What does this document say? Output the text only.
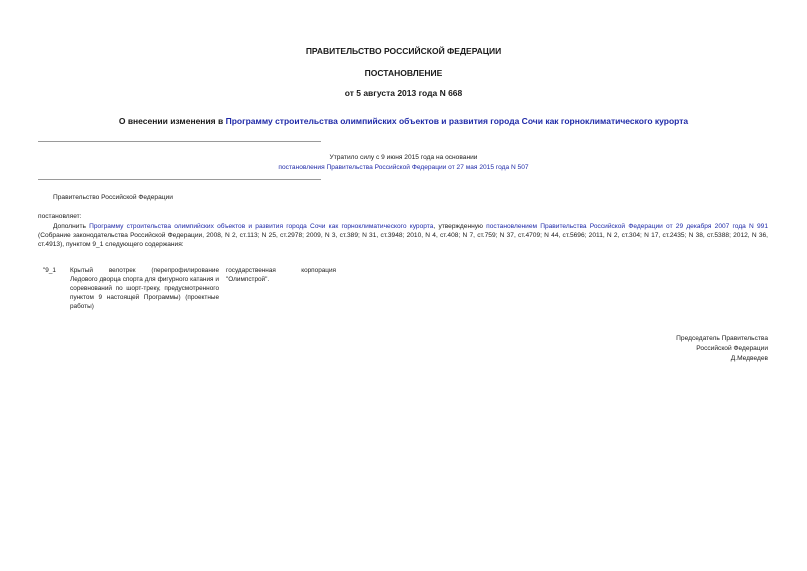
ПРАВИТЕЛЬСТВО РОССИЙСКОЙ ФЕДЕРАЦИИ
ПОСТАНОВЛЕНИЕ
от 5 августа 2013 года N 668
О внесении изменения в Программу строительства олимпийских объектов и развития города Сочи как горноклиматического курорта
Утратило силу с 9 июня 2015 года на основании
постановления Правительства Российской Федерации от 27 мая 2015 года N 507
Правительство Российской Федерации
постановляет:
Дополнить Программу строительства олимпийских объектов и развития города Сочи как горноклиматического курорта, утвержденную постановлением Правительства Российской Федерации от 29 декабря 2007 года N 991 (Собрание законодательства Российской Федерации, 2008, N 2, ст.113; N 25, ст.2978; 2009, N 3, ст.389; N 31, ст.3948; 2010, N 4, ст.408; N 7, ст.759; N 37, ст.4709; N 44, ст.5696; 2011, N 2, ст.304; N 17, ст.2435; N 38, ст.5388; 2012, N 36, ст.4913), пунктом 9_1 следующего содержания:
"9_1	Крытый велотрек (перепрофилирование Ледового дворца спорта для фигурного катания и соревнований по шорт-треку, предусмотренного пунктом 9 настоящей Программы) (проектные работы)
государственная корпорация "Олимпстрой".
Председатель Правительства
Российской Федерации
Д.Медведев
